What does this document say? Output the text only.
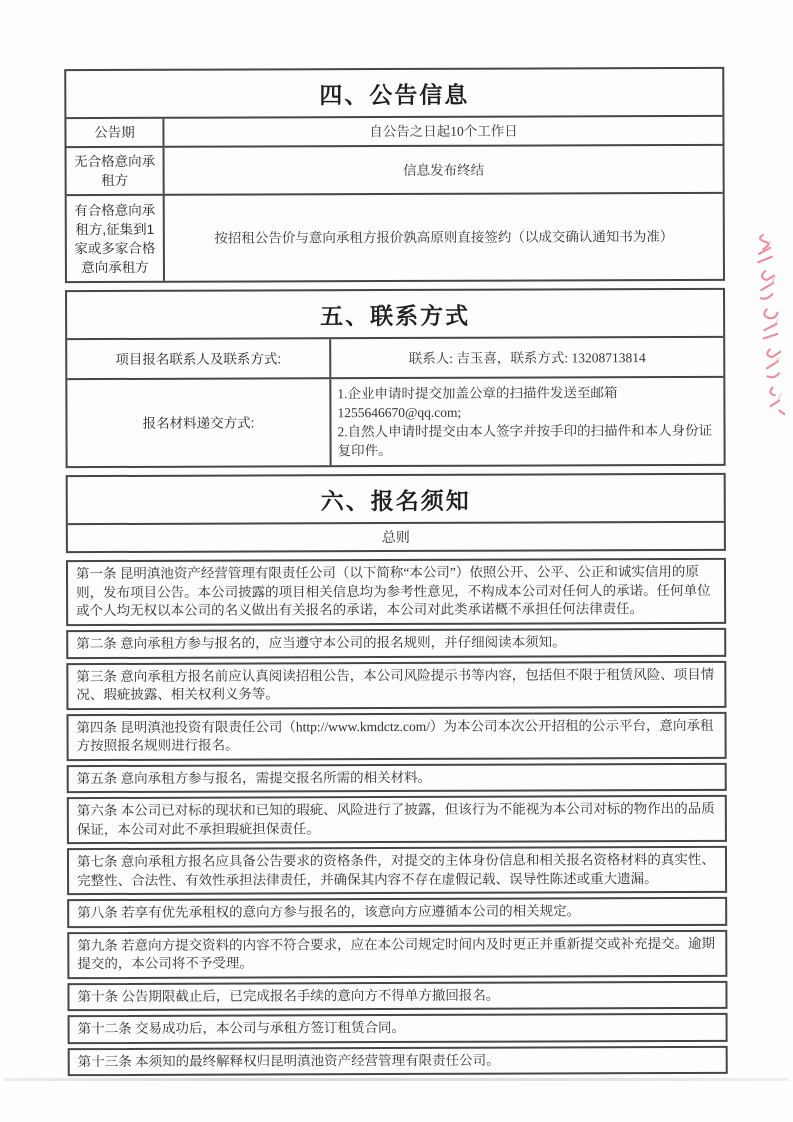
四、公告信息
公告期	自公告之日起10个工作日
无合格意向承租方
信息发布终结
有合格意向承租方,征集到1家或多家合格意向承租方
按招租公告价与意向承租方报价孰高原则直接签约（以成交确认通知书为准）
五、联系方式
项目报名联系人及联系方式:	联系人: 吉玉喜，联系方式: 13208713814
报名材料递交方式:
1.企业申请时提交加盖公章的扫描件发送至邮箱
1255646670@qq.com;
2.自然人申请时提交由本人签字并按手印的扫描件和本人身份证复印件。
六、报名须知
总则
第一条 昆明滇池资产经营管理有限责任公司（以下简称“本公司”）依照公开、公平、公正和诚实信用的原则，发布项目公告。本公司披露的项目相关信息均为参考性意见，不构成本公司对任何人的承诺。任何单位或个人均无权以本公司的名义做出有关报名的承诺，本公司对此类承诺概不承担任何法律责任。
第二条 意向承租方参与报名的，应当遵守本公司的报名规则，并仔细阅读本须知。
第三条 意向承租方报名前应认真阅读招租公告，本公司风险提示书等内容，包括但不限于租赁风险、项目情况、瑕疵披露、相关权利义务等。
第四条 昆明滇池投资有限责任公司（http://www.kmdctz.com/）为本公司本次公开招租的公示平台，意向承租方按照报名规则进行报名。
第五条 意向承租方参与报名，需提交报名所需的相关材料。
第六条 本公司已对标的现状和已知的瑕疵、风险进行了披露，但该行为不能视为本公司对标的物作出的品质保证，本公司对此不承担瑕疵担保责任。
第七条 意向承租方报名应具备公告要求的资格条件，对提交的主体身份信息和相关报名资格材料的真实性、完整性、合法性、有效性承担法律责任，并确保其内容不存在虚假记载、误导性陈述或重大遗漏。
第八条 若享有优先承租权的意向方参与报名的，该意向方应遵循本公司的相关规定。
第九条 若意向方提交资料的内容不符合要求，应在本公司规定时间内及时更正并重新提交或补充提交。逾期提交的，本公司将不予受理。
第十条 公告期限截止后，已完成报名手续的意向方不得单方撤回报名。
第十二条 交易成功后，本公司与承租方签订租赁合同。
第十三条 本须知的最终解释权归昆明滇池资产经营管理有限责任公司。
